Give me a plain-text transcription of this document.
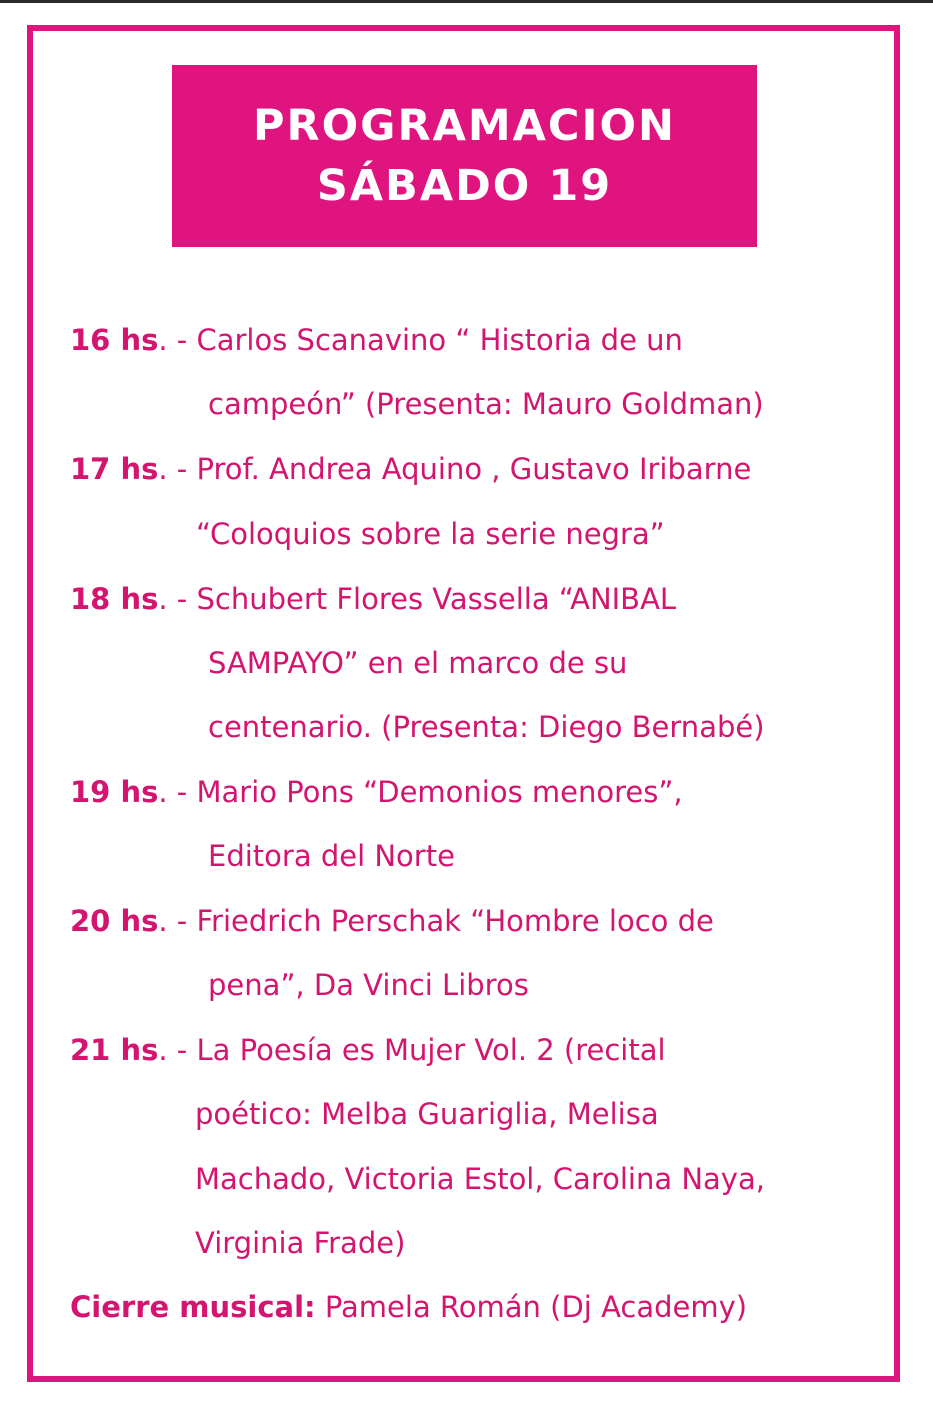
PROGRAMACION
SÁBADO 19
16 hs. - Carlos Scanavino “ Historia de un
campeón” (Presenta: Mauro Goldman)
17 hs. - Prof. Andrea Aquino , Gustavo Iribarne
“Coloquios sobre la serie negra”
18 hs. - Schubert Flores Vassella “ANIBAL
SAMPAYO” en el marco de su
centenario. (Presenta: Diego Bernabé)
19 hs. - Mario Pons “Demonios menores”,
Editora del Norte
20 hs. - Friedrich Perschak “Hombre loco de
pena”, Da Vinci Libros
21 hs. - La Poesía es Mujer Vol. 2 (recital
poético: Melba Guariglia, Melisa
Machado, Victoria Estol, Carolina Naya,
Virginia Frade)
Cierre musical: Pamela Román (Dj Academy)
